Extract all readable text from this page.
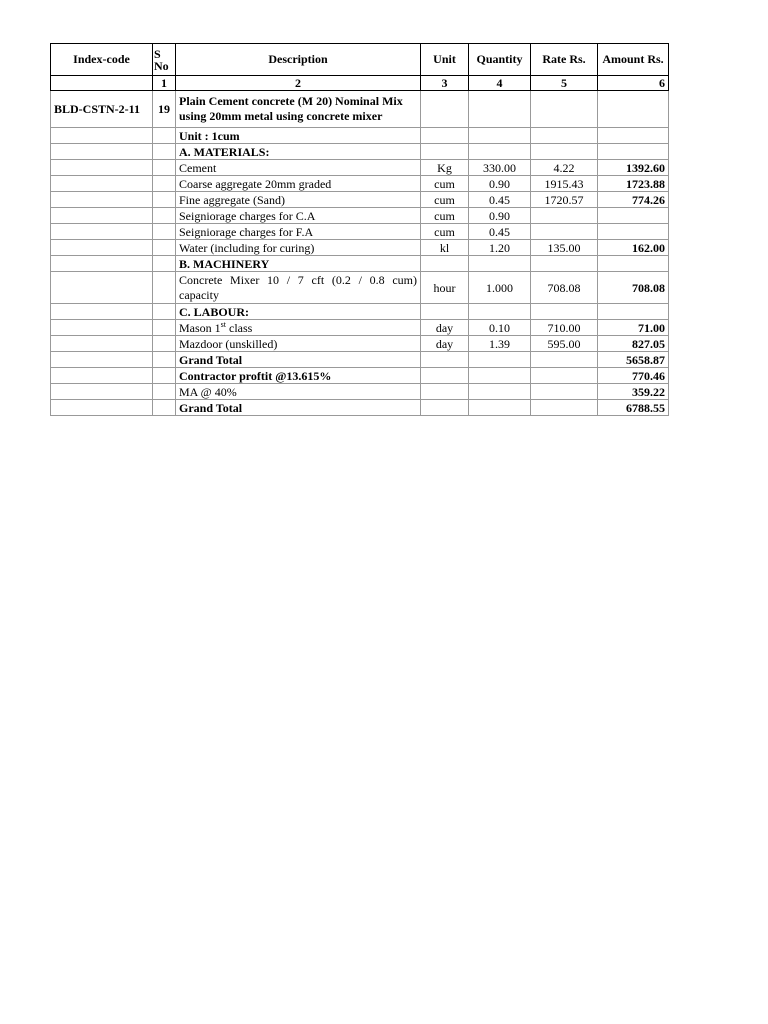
Index-code	S No	Description	Unit	Quantity	Rate Rs.	Amount Rs.
	1	2	3	4	5	6
BLD-CSTN-2-11	19	Plain Cement concrete (M 20) Nominal Mix using 20mm metal using concrete mixer				
		Unit : 1cum				
		A. MATERIALS:				
		Cement	Kg	330.00	4.22	1392.60
		Coarse aggregate 20mm graded	cum	0.90	1915.43	1723.88
		Fine aggregate (Sand)	cum	0.45	1720.57	774.26
		Seigniorage charges for C.A	cum	0.90		
		Seigniorage charges for F.A	cum	0.45		
		Water (including for curing)	kl	1.20	135.00	162.00
		B. MACHINERY				
		Concrete Mixer 10 / 7 cft (0.2 / 0.8 cum) capacity	hour	1.000	708.08	708.08
		C. LABOUR:				
		Mason 1st class	day	0.10	710.00	71.00
		Mazdoor (unskilled)	day	1.39	595.00	827.05
		Grand Total				5658.87
		Contractor proftit @13.615%				770.46
		MA @ 40%				359.22
		Grand Total				6788.55
